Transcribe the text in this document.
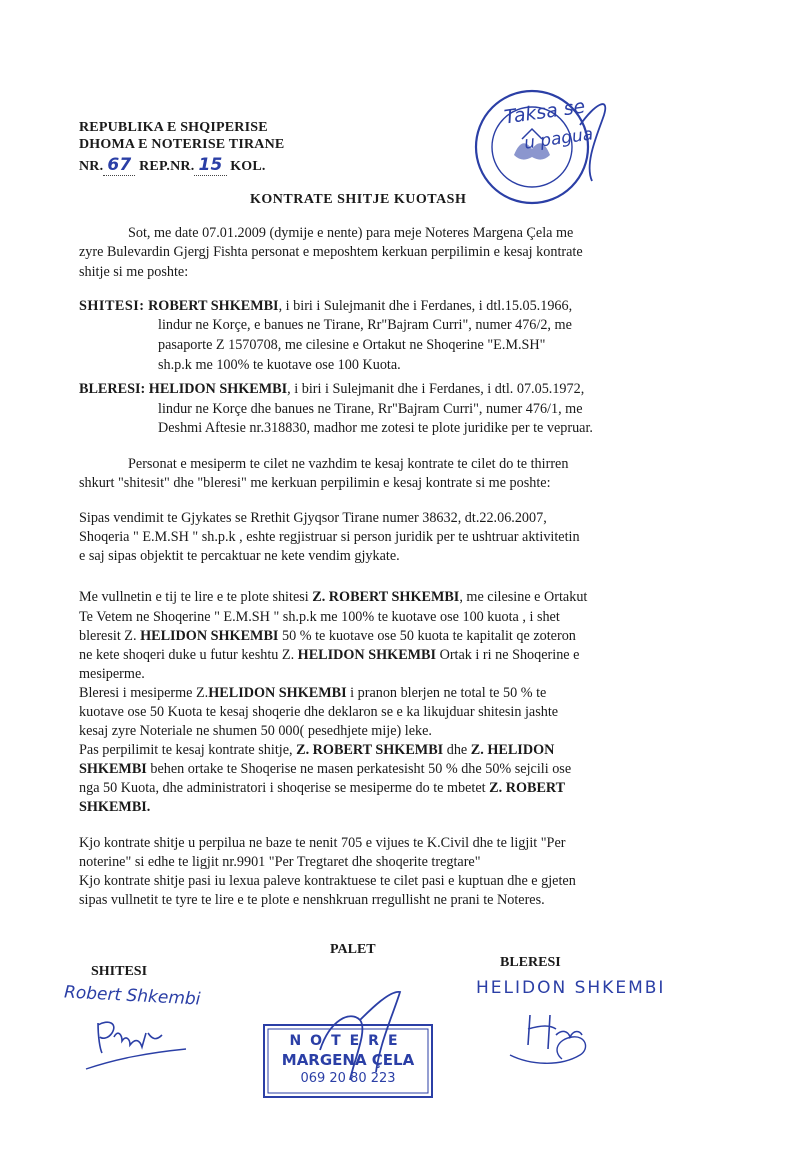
REPUBLIKA E SHQIPERISE
DHOMA E NOTERISE TIRANE
NR. 67 REP.NR. 15 KOL.
Taksa se
u pagua
KONTRATE SHITJE KUOTASH
Sot, me date 07.01.2009 (dymije e nente) para meje Noteres Margena Çela me
zyre Bulevardin Gjergj Fishta personat e meposhtem kerkuan perpilimin e kesaj kontrate
shitje si me poshte:
SHITESI: ROBERT SHKEMBI, i biri i Sulejmanit dhe i Ferdanes, i dtl.15.05.1966,
lindur ne Korçe, e banues ne Tirane, Rr"Bajram Curri", numer 476/2, me
pasaporte Z 1570708, me cilesine e Ortakut ne Shoqerine "E.M.SH"
sh.p.k me 100% te kuotave ose 100 Kuota.
BLERESI: HELIDON SHKEMBI, i biri i Sulejmanit dhe i Ferdanes, i dtl. 07.05.1972,
lindur ne Korçe dhe banues ne Tirane, Rr"Bajram Curri", numer 476/1, me
Deshmi Aftesie nr.318830, madhor me zotesi te plote juridike per te vepruar.
Personat e mesiperm te cilet ne vazhdim te kesaj kontrate te cilet do te thirren
shkurt "shitesit" dhe "bleresi" me kerkuan perpilimin e kesaj kontrate si me poshte:
Sipas vendimit te Gjykates se Rrethit Gjyqsor Tirane numer 38632, dt.22.06.2007,
Shoqeria " E.M.SH " sh.p.k , eshte regjistruar si person juridik per te ushtruar aktivitetin
e saj sipas objektit te percaktuar ne kete vendim gjykate.
Me vullnetin e tij te lire e te plote shitesi Z. ROBERT SHKEMBI, me cilesine e Ortakut
Te Vetem ne Shoqerine " E.M.SH " sh.p.k me 100% te kuotave ose 100 kuota , i shet
bleresit Z. HELIDON SHKEMBI 50 % te kuotave ose 50 kuota te kapitalit qe zoteron
ne kete shoqeri duke u futur keshtu Z. HELIDON SHKEMBI Ortak i ri ne Shoqerine e
mesiperme.
Bleresi i mesiperme Z.HELIDON SHKEMBI i pranon blerjen ne total te 50 % te
kuotave ose 50 Kuota te kesaj shoqerie dhe deklaron se e ka likujduar shitesin jashte
kesaj zyre Noteriale ne shumen 50 000( pesedhjete mije) leke.
Pas perpilimit te kesaj kontrate shitje, Z. ROBERT SHKEMBI dhe Z. HELIDON
SHKEMBI behen ortake te Shoqerise ne masen perkatesisht 50 % dhe 50% sejcili ose
nga 50 Kuota, dhe administratori i shoqerise se mesiperme do te mbetet Z. ROBERT
SHKEMBI.
Kjo kontrate shitje u perpilua ne baze te nenit 705 e vijues te K.Civil dhe te ligjit "Per
noterine" si edhe te ligjit nr.9901 "Per Tregtaret dhe shoqerite tregtare"
Kjo kontrate shitje pasi iu lexua paleve kontraktuese te cilet pasi e kuptuan dhe e gjeten
sipas vullnetit te tyre te lire e te plote e nenshkruan rregullisht ne prani te Noteres.
PALET
SHITESI
BLERESI
Robert Shkembi	HELIDON SHKEMBI
NOTERE
MARGENA ÇELA
069 20 80 223
